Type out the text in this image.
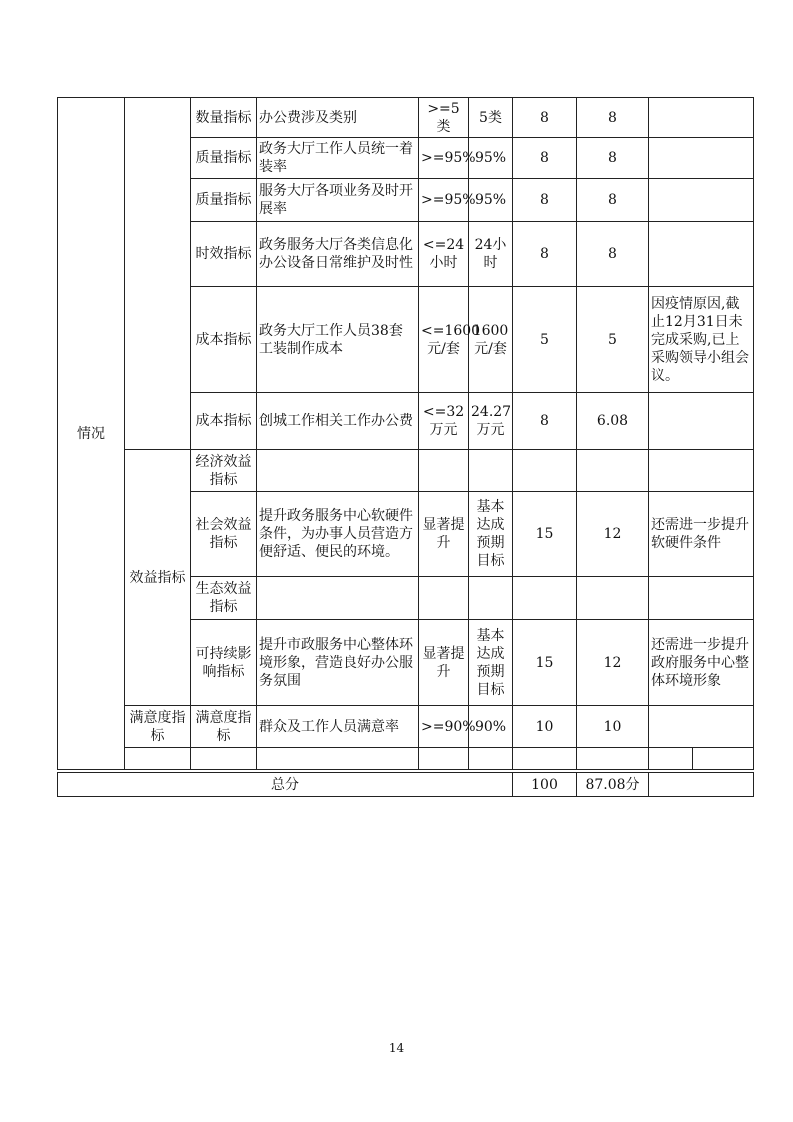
情况		数量指标	办公费涉及类别	>=5类	5类	8	8		
		质量指标	政务大厅工作人员统一着装率	>=95%	95%	8	8		
		质量指标	服务大厅各项业务及时开展率	>=95%	95%	8	8		
		时效指标	政务服务大厅各类信息化办公设备日常维护及时性	<=24小时	24小时	8	8		
		成本指标	政务大厅工作人员38套工装制作成本	<=1600元/套	1600元/套	5	5	因疫情原因,截止12月31日未完成采购,已上采购领导小组会议。	
		成本指标	创城工作相关工作办公费	<=32万元	24.27万元	8	6.08		
	效益指标	经济效益指标							
		社会效益指标	提升政务服务中心软硬件条件，为办事人员营造方便舒适、便民的环境。	显著提升	基本达成预期目标	15	12	还需进一步提升软硬件条件	
		生态效益指标							
		可持续影响指标	提升市政服务中心整体环境形象，营造良好办公服务氛围	显著提升	基本达成预期目标	15	12	还需进一步提升政府服务中心整体环境形象	
	满意度指标	满意度指标	群众及工作人员满意率	>=90%	90%	10	10		

总分	100	87.08分	
14
